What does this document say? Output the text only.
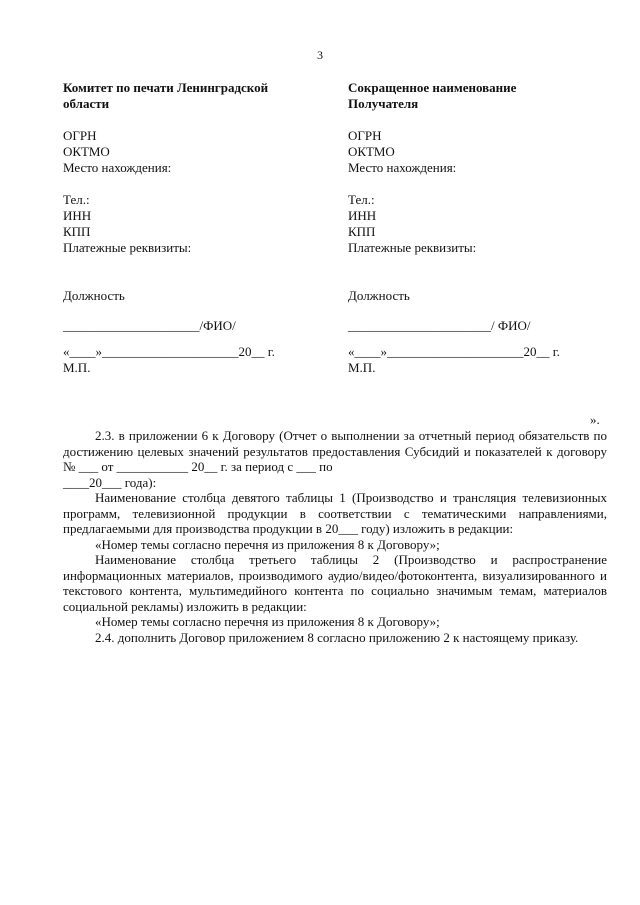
3
Комитет по печати Ленинградской
области
ОГРН
ОКТМО
Место нахождения:
Тел.:
ИНН
КПП
Платежные реквизиты:
Должность
_____________________/ФИО/
«____»_____________________20__ г.
М.П.
Сокращенное наименование
Получателя
ОГРН
ОКТМО
Место нахождения:
Тел.:
ИНН
КПП
Платежные реквизиты:
Должность
______________________/ ФИО/
«____»_____________________20__ г.
М.П.
».

2.3. в приложении 6 к Договору (Отчет о выполнении за отчетный период обязательств по достижению целевых значений результатов предоставления Субсидий и показателей к договору № ___ от ___________ 20__ г. за период с ___ по

____20___ года):

Наименование столбца девятого таблицы 1 (Производство и трансляция телевизионных программ, телевизионной продукции в соответствии с тематическими направлениями, предлагаемыми для производства продукции в 20___ году) изложить в редакции:

«Номер темы согласно перечня из приложения 8 к Договору»;

Наименование столбца третьего таблицы 2 (Производство и распространение информационных материалов, производимого аудио/видео/фотоконтента, визуализированного и текстового контента, мультимедийного контента по социально значимым темам, материалов социальной рекламы) изложить в редакции:

«Номер темы согласно перечня из приложения 8 к Договору»;

2.4. дополнить Договор приложением 8 согласно приложению 2 к настоящему приказу.
